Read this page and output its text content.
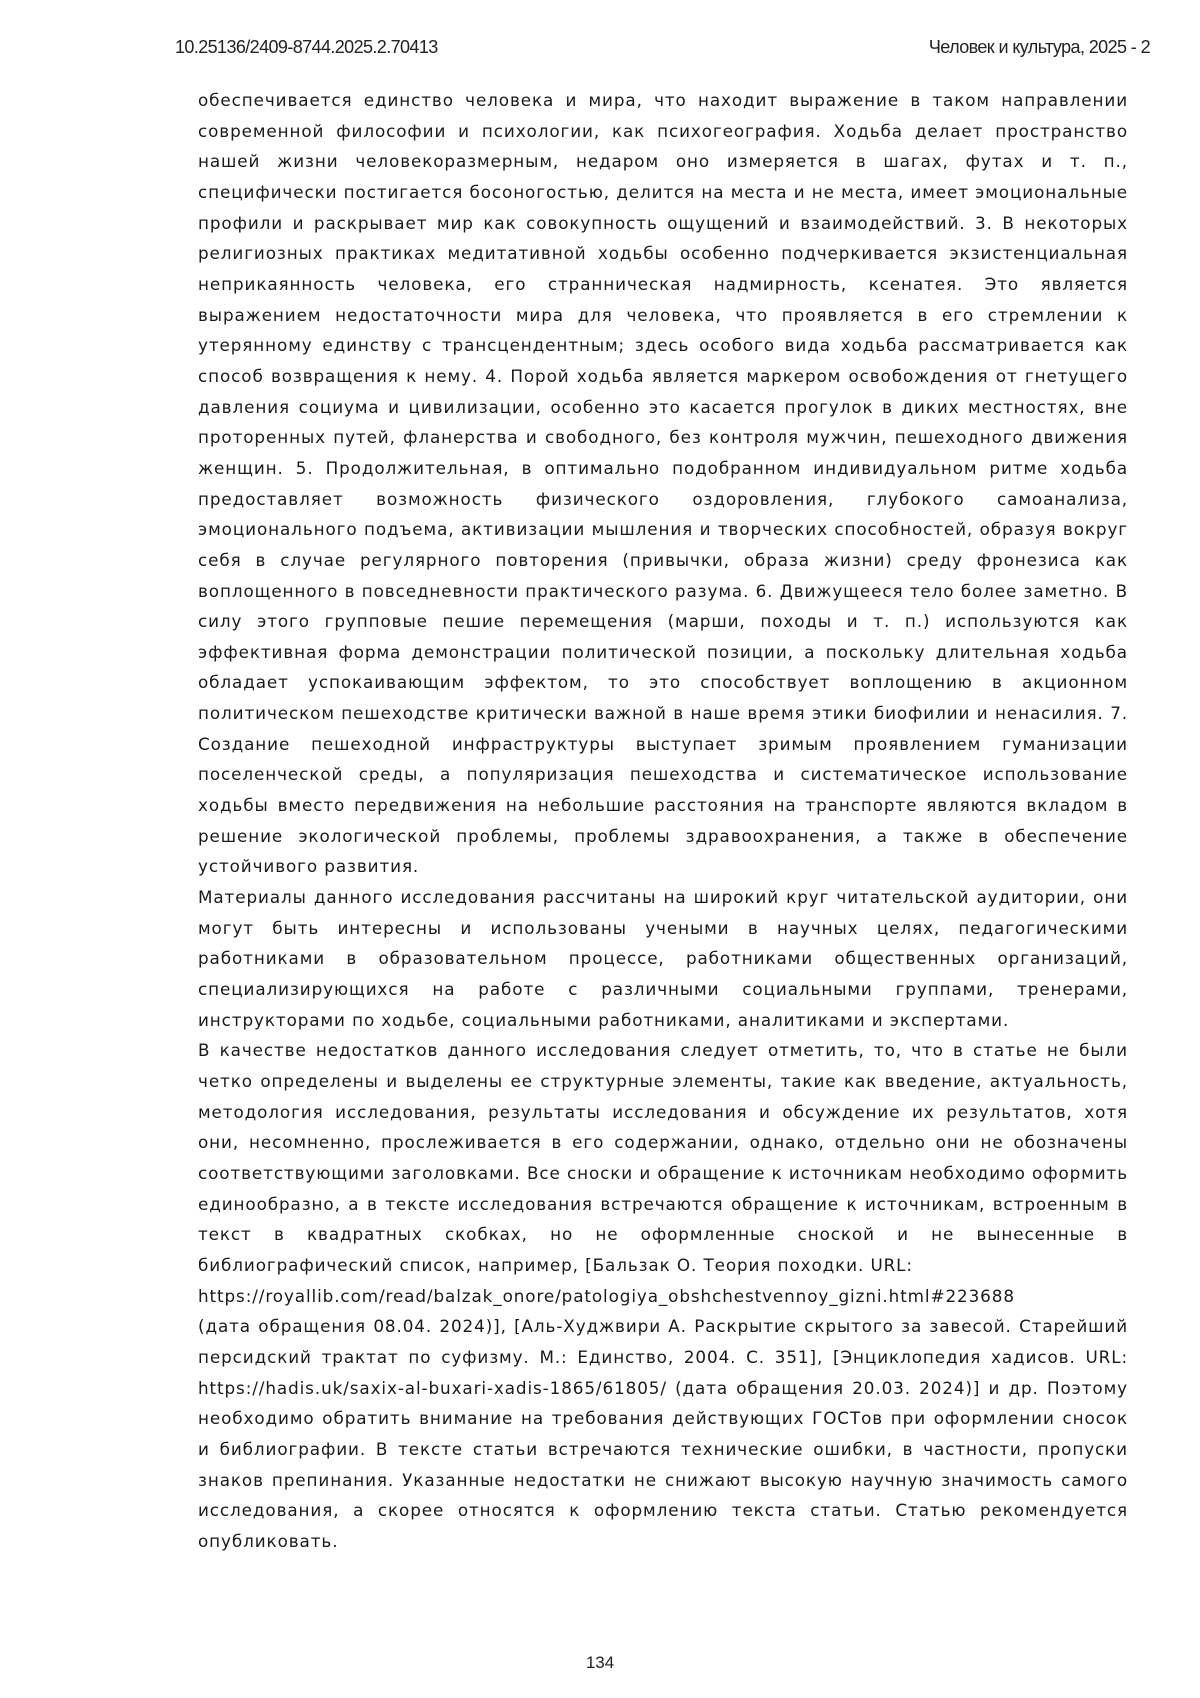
10.25136/2409-8744.2025.2.70413	Человек и культура, 2025 - 2

обеспечивается единство человека и мира, что находит выражение в таком направлении современной философии и психологии, как психогеография. Ходьба делает пространство нашей жизни человекоразмерным, недаром оно измеряется в шагах, футах и т. п., специфически постигается босоногостью, делится на места и не места, имеет эмоциональные профили и раскрывает мир как совокупность ощущений и взаимодействий. 3. В некоторых религиозных практиках медитативной ходьбы особенно подчеркивается экзистенциальная неприкаянность человека, его странническая надмирность, ксенатея. Это является выражением недостаточности мира для человека, что проявляется в его стремлении к утерянному единству с трансцендентным; здесь особого вида ходьба рассматривается как способ возвращения к нему. 4. Порой ходьба является маркером освобождения от гнетущего давления социума и цивилизации, особенно это касается прогулок в диких местностях, вне проторенных путей, фланерства и свободного, без контроля мужчин, пешеходного движения женщин. 5. Продолжительная, в оптимально подобранном индивидуальном ритме ходьба предоставляет возможность физического оздоровления, глубокого самоанализа, эмоционального подъема, активизации мышления и творческих способностей, образуя вокруг себя в случае регулярного повторения (привычки, образа жизни) среду фронезиса как воплощенного в повседневности практического разума. 6. Движущееся тело более заметно. В силу этого групповые пешие перемещения (марши, походы и т. п.) используются как эффективная форма демонстрации политической позиции, а поскольку длительная ходьба обладает успокаивающим эффектом, то это способствует воплощению в акционном политическом пешеходстве критически важной в наше время этики биофилии и ненасилия. 7. Создание пешеходной инфраструктуры выступает зримым проявлением гуманизации поселенческой среды, а популяризация пешеходства и систематическое использование ходьбы вместо передвижения на небольшие расстояния на транспорте являются вкладом в решение экологической проблемы, проблемы здравоохранения, а также в обеспечение устойчивого развития.

Материалы данного исследования рассчитаны на широкий круг читательской аудитории, они могут быть интересны и использованы учеными в научных целях, педагогическими работниками в образовательном процессе, работниками общественных организаций, специализирующихся на работе с различными социальными группами, тренерами, инструкторами по ходьбе, социальными работниками, аналитиками и экспертами.

В качестве недостатков данного исследования следует отметить, то, что в статье не были четко определены и выделены ее структурные элементы, такие как введение, актуальность, методология исследования, результаты исследования и обсуждение их результатов, хотя они, несомненно, прослеживается в его содержании, однако, отдельно они не обозначены соответствующими заголовками. Все сноски и обращение к источникам необходимо оформить единообразно, а в тексте исследования встречаются обращение к источникам, встроенным в текст в квадратных скобках, но не оформленные сноской и не вынесенные в библиографический список, например, [Бальзак О. Теория походки. URL:
https://royallib.com/read/balzak_onore/patologiya_obshchestvennoy_gizni.html#223688
(дата обращения 08.04. 2024)], [Аль-Худжвири А. Раскрытие скрытого за завесой. Старейший персидский трактат по суфизму. М.: Единство, 2004. С. 351], [Энциклопедия хадисов. URL: https://hadis.uk/saxix-al-buxari-xadis-1865/61805/ (дата обращения 20.03. 2024)] и др. Поэтому необходимо обратить внимание на требования действующих ГОСТов при оформлении сносок и библиографии. В тексте статьи встречаются технические ошибки, в частности, пропуски знаков препинания. Указанные недостатки не снижают высокую научную значимость самого исследования, а скорее относятся к оформлению текста статьи. Статью рекомендуется опубликовать.

134
